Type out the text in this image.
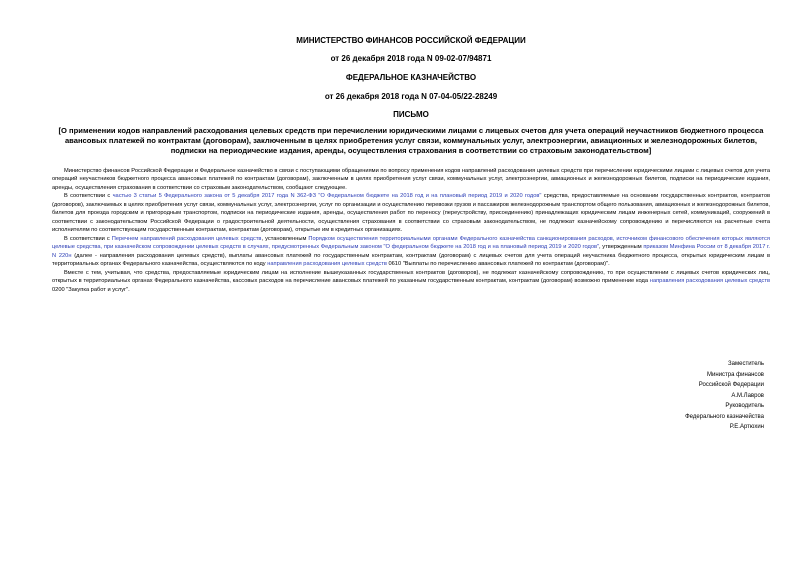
МИНИСТЕРСТВО ФИНАНСОВ РОССИЙСКОЙ ФЕДЕРАЦИИ

от 26 декабря 2018 года N 09-02-07/94871

ФЕДЕРАЛЬНОЕ КАЗНАЧЕЙСТВО

от 26 декабря 2018 года N 07-04-05/22-28249

ПИСЬМО

[О применении кодов направлений расходования целевых средств при перечислении юридическими лицами с лицевых счетов для учета операций неучастников бюджетного процесса авансовых платежей по контрактам (договорам), заключенным в целях приобретения услуг связи, коммунальных услуг, электроэнергии, авиационных и железнодорожных билетов, подписки на периодические издания, аренды, осуществления страхования в соответствии со страховым законодательством]

Министерство финансов Российской Федерации и Федеральное казначейство в связи с поступающими обращениями по вопросу применения кодов направлений расходования целевых средств при перечислении юридическими лицами с лицевых счетов для учета операций неучастников бюджетного процесса авансовых платежей по контрактам (договорам), заключенным в целях приобретения услуг связи, коммунальных услуг, электроэнергии, авиационных и железнодорожных билетов, подписки на периодические издания, аренды, осуществления страхования в соответствии со страховым законодательством, сообщают следующее.

В соответствии с частью 3 статьи 5 Федерального закона от 5 декабря 2017 года N 362-ФЗ "О Федеральном бюджете на 2018 год и на плановый период 2019 и 2020 годов" средства, предоставляемые на основании государственных контрактов, контрактов (договоров), заключаемых в целях приобретения услуг связи, коммунальных услуг, электроэнергии, услуг по организации и осуществлению перевозки грузов и пассажиров железнодорожным транспортом общего пользования, авиационных и железнодорожных билетов, билетов для проезда городским и пригородным транспортом, подписки на периодические издания, аренды, осуществления работ по переносу (переустройству, присоединению) принадлежащих юридическим лицам инженерных сетей, коммуникаций, сооружений в соответствии с законодательством Российской Федерации о градостроительной деятельности, осуществления страхования в соответствии со страховым законодательством, не подлежат казначейскому сопровождению и перечисляются на расчетные счета исполнителям по соответствующим государственным контрактам, контрактам (договорам), открытые им в кредитных организациях.

В соответствии с Перечнем направлений расходования целевых средств, установленным Порядком осуществления территориальными органами Федерального казначейства санкционирования расходов, источником финансового обеспечения которых являются целевые средства, при казначейском сопровождении целевых средств в случаях, предусмотренных Федеральным законом "О федеральном бюджете на 2018 год и на плановый период 2019 и 2020 годов", утвержденным приказом Минфина России от 8 декабря 2017 г. N 220н (далее - направления расходования целевых средств), выплаты авансовых платежей по государственным контрактам, контрактам (договорам) с лицевых счетов для учета операций неучастника бюджетного процесса, открытых юридическим лицам в территориальных органах Федерального казначейства, осуществляются по коду направления расходования целевых средств 0610 "Выплаты по перечислению авансовых платежей по контрактам (договорам)".

Вместе с тем, учитывая, что средства, предоставляемые юридическим лицам на исполнение вышеуказанных государственных контрактов (договоров), не подлежат казначейскому сопровождению, то при осуществлении с лицевых счетов юридических лиц, открытых в территориальных органах Федерального казначейства, кассовых расходов на перечисление авансовых платежей по указанным государственным контрактам, контрактам (договорам) возможно применение кода направления расходования целевых средств 0200 "Закупка работ и услуг".

Заместитель
Министра финансов
Российской Федерации
А.М.Лавров
Руководитель
Федерального казначейства
Р.Е.Артюхин
